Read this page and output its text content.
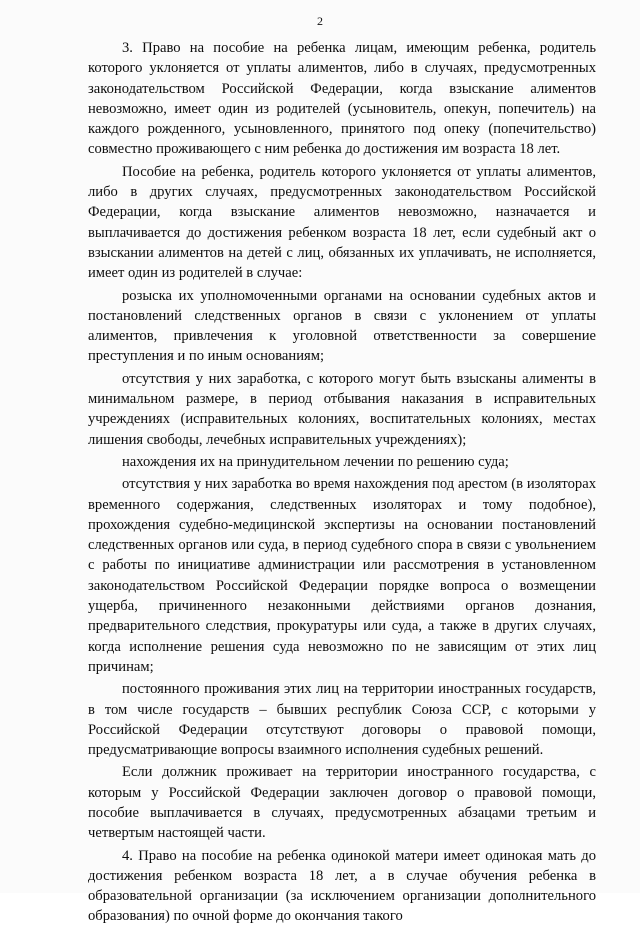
2

3. Право на пособие на ребенка лицам, имеющим ребенка, родитель которого уклоняется от уплаты алиментов, либо в случаях, предусмотренных законодательством Российской Федерации, когда взыскание алиментов невозможно, имеет один из родителей (усыновитель, опекун, попечитель) на каждого рожденного, усыновленного, принятого под опеку (попечительство) совместно проживающего с ним ребенка до достижения им возраста 18 лет.

Пособие на ребенка, родитель которого уклоняется от уплаты алиментов, либо в других случаях, предусмотренных законодательством Российской Федерации, когда взыскание алиментов невозможно, назначается и выплачивается до достижения ребенком возраста 18 лет, если судебный акт о взыскании алиментов на детей с лиц, обязанных их уплачивать, не исполняется, имеет один из родителей в случае:

розыска их уполномоченными органами на основании судебных актов и постановлений следственных органов в связи с уклонением от уплаты алиментов, привлечения к уголовной ответственности за совершение преступления и по иным основаниям;

отсутствия у них заработка, с которого могут быть взысканы алименты в минимальном размере, в период отбывания наказания в исправительных учреждениях (исправительных колониях, воспитательных колониях, местах лишения свободы, лечебных исправительных учреждениях);

нахождения их на принудительном лечении по решению суда;

отсутствия у них заработка во время нахождения под арестом (в изоляторах временного содержания, следственных изоляторах и тому подобное), прохождения судебно-медицинской экспертизы на основании постановлений следственных органов или суда, в период судебного спора в связи с увольнением с работы по инициативе администрации или рассмотрения в установленном законодательством Российской Федерации порядке вопроса о возмещении ущерба, причиненного незаконными действиями органов дознания, предварительного следствия, прокуратуры или суда, а также в других случаях, когда исполнение решения суда невозможно по не зависящим от этих лиц причинам;

постоянного проживания этих лиц на территории иностранных государств, в том числе государств – бывших республик Союза ССР, с которыми у Российской Федерации отсутствуют договоры о правовой помощи, предусматривающие вопросы взаимного исполнения судебных решений.

Если должник проживает на территории иностранного государства, с которым у Российской Федерации заключен договор о правовой помощи, пособие выплачивается в случаях, предусмотренных абзацами третьим и четвертым настоящей части.

4. Право на пособие на ребенка одинокой матери имеет одинокая мать до достижения ребенком возраста 18 лет, а в случае обучения ребенка в образовательной организации (за исключением организации дополнительного образования) по очной форме до окончания такого
